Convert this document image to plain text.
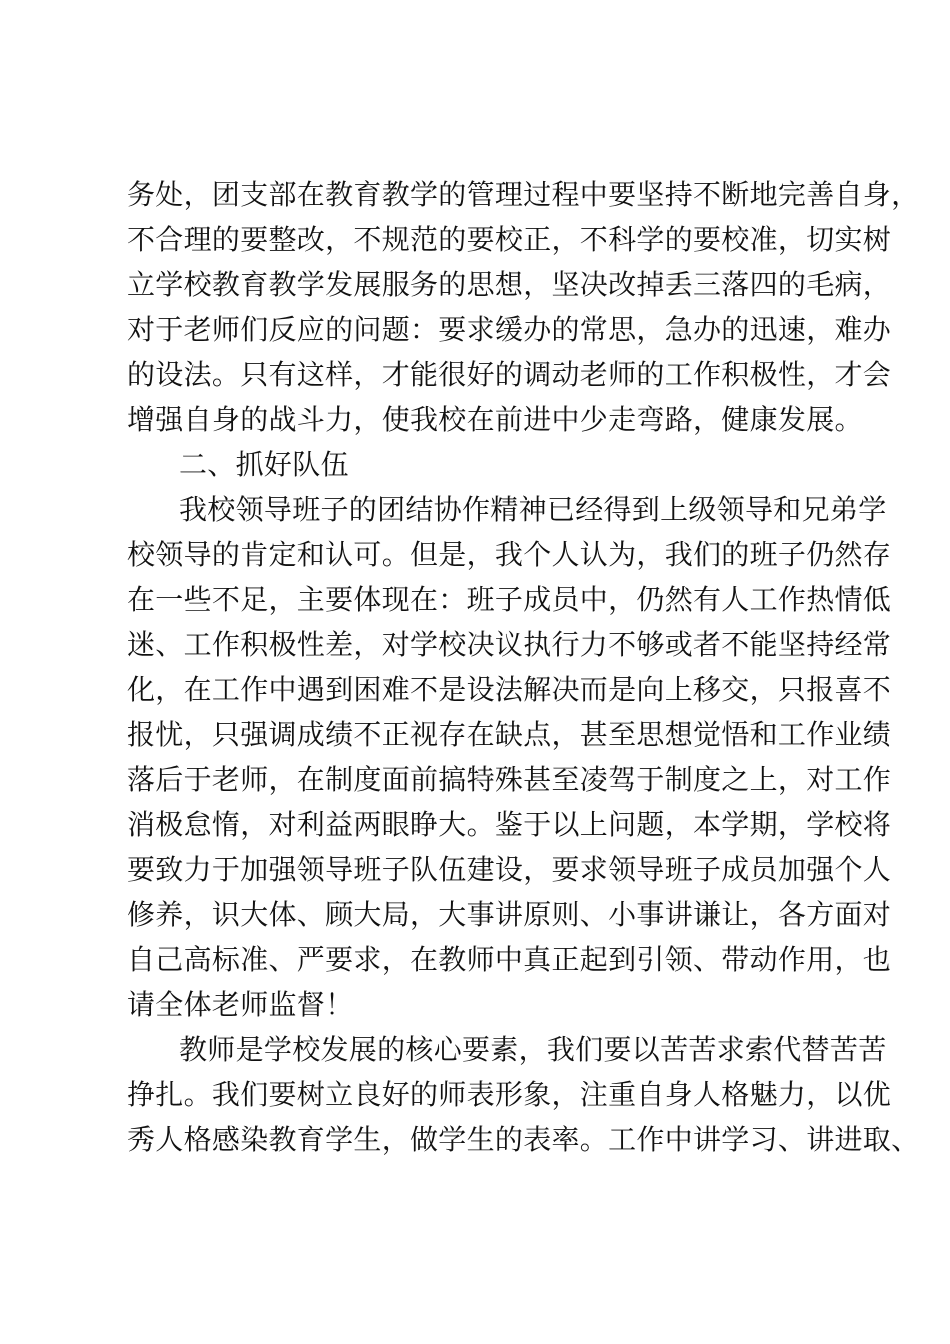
务处，团支部在教育教学的管理过程中要坚持不断地完善自身，
不合理的要整改，不规范的要校正，不科学的要校准，切实树
立学校教育教学发展服务的思想，坚决改掉丢三落四的毛病，
对于老师们反应的问题：要求缓办的常思，急办的迅速，难办
的设法。只有这样，才能很好的调动老师的工作积极性，才会
增强自身的战斗力，使我校在前进中少走弯路，健康发展。
二、抓好队伍
我校领导班子的团结协作精神已经得到上级领导和兄弟学
校领导的肯定和认可。但是，我个人认为，我们的班子仍然存
在一些不足，主要体现在：班子成员中，仍然有人工作热情低
迷、工作积极性差，对学校决议执行力不够或者不能坚持经常
化，在工作中遇到困难不是设法解决而是向上移交，只报喜不
报忧，只强调成绩不正视存在缺点，甚至思想觉悟和工作业绩
落后于老师，在制度面前搞特殊甚至凌驾于制度之上，对工作
消极怠惰，对利益两眼睁大。鉴于以上问题，本学期，学校将
要致力于加强领导班子队伍建设，要求领导班子成员加强个人
修养，识大体、顾大局，大事讲原则、小事讲谦让，各方面对
自己高标准、严要求，在教师中真正起到引领、带动作用，也
请全体老师监督！
教师是学校发展的核心要素，我们要以苦苦求索代替苦苦
挣扎。我们要树立良好的师表形象，注重自身人格魅力，以优
秀人格感染教育学生，做学生的表率。工作中讲学习、讲进取、
